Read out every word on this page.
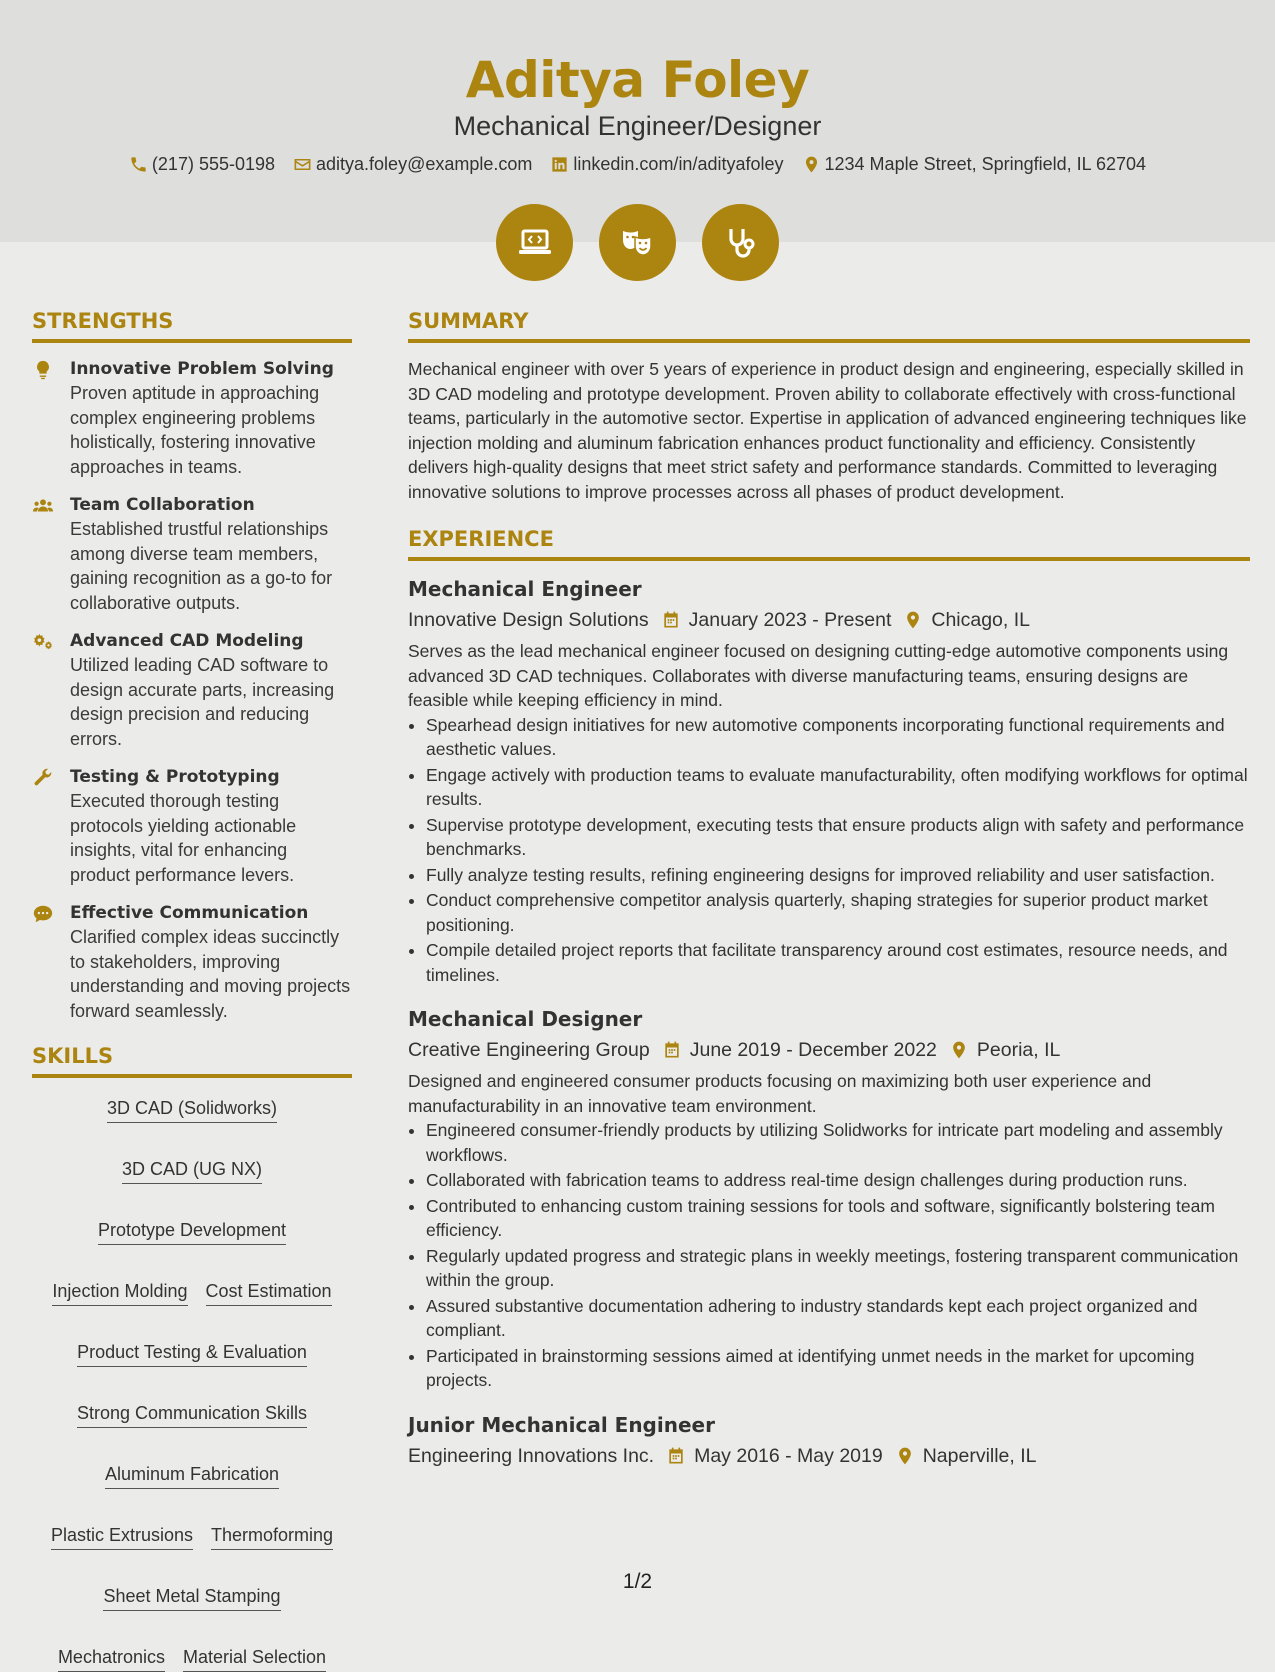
Aditya Foley
Mechanical Engineer/Designer
(217) 555-0198 aditya.foley@example.com linkedin.com/in/adityafoley 1234 Maple Street, Springfield, IL 62704
STRENGTHS
Innovative Problem Solving
Proven aptitude in approaching complex engineering problems holistically, fostering innovative approaches in teams.
Team Collaboration
Established trustful relationships among diverse team members, gaining recognition as a go-to for collaborative outputs.
Advanced CAD Modeling
Utilized leading CAD software to design accurate parts, increasing design precision and reducing errors.
Testing & Prototyping
Executed thorough testing protocols yielding actionable insights, vital for enhancing product performance levers.
Effective Communication
Clarified complex ideas succinctly to stakeholders, improving understanding and moving projects forward seamlessly.
SKILLS
3D CAD (Solidworks)
3D CAD (UG NX)
Prototype Development
Injection Molding Cost Estimation
Product Testing & Evaluation
Strong Communication Skills
Aluminum Fabrication
Plastic Extrusions Thermoforming
Sheet Metal Stamping
Mechatronics Material Selection
SUMMARY

Mechanical engineer with over 5 years of experience in product design and engineering, especially skilled in 3D CAD modeling and prototype development. Proven ability to collaborate effectively with cross-functional teams, particularly in the automotive sector. Expertise in application of advanced engineering techniques like injection molding and aluminum fabrication enhances product functionality and efficiency. Consistently delivers high-quality designs that meet strict safety and performance standards. Committed to leveraging innovative solutions to improve processes across all phases of product development.

EXPERIENCE
Mechanical Engineer
Innovative Design Solutions January 2023 - Present Chicago, IL
Serves as the lead mechanical engineer focused on designing cutting-edge automotive components using advanced 3D CAD techniques. Collaborates with diverse manufacturing teams, ensuring designs are feasible while keeping efficiency in mind.
• Spearhead design initiatives for new automotive components incorporating functional requirements and aesthetic values.
• Engage actively with production teams to evaluate manufacturability, often modifying workflows for optimal results.
• Supervise prototype development, executing tests that ensure products align with safety and performance benchmarks.
• Fully analyze testing results, refining engineering designs for improved reliability and user satisfaction.
• Conduct comprehensive competitor analysis quarterly, shaping strategies for superior product market positioning.
• Compile detailed project reports that facilitate transparency around cost estimates, resource needs, and timelines.
Mechanical Designer
Creative Engineering Group June 2019 - December 2022 Peoria, IL
Designed and engineered consumer products focusing on maximizing both user experience and manufacturability in an innovative team environment.
• Engineered consumer-friendly products by utilizing Solidworks for intricate part modeling and assembly workflows.
• Collaborated with fabrication teams to address real-time design challenges during production runs.
• Contributed to enhancing custom training sessions for tools and software, significantly bolstering team efficiency.
• Regularly updated progress and strategic plans in weekly meetings, fostering transparent communication within the group.
• Assured substantive documentation adhering to industry standards kept each project organized and compliant.
• Participated in brainstorming sessions aimed at identifying unmet needs in the market for upcoming projects.
Junior Mechanical Engineer
Engineering Innovations Inc. May 2016 - May 2019 Naperville, IL
1/2
